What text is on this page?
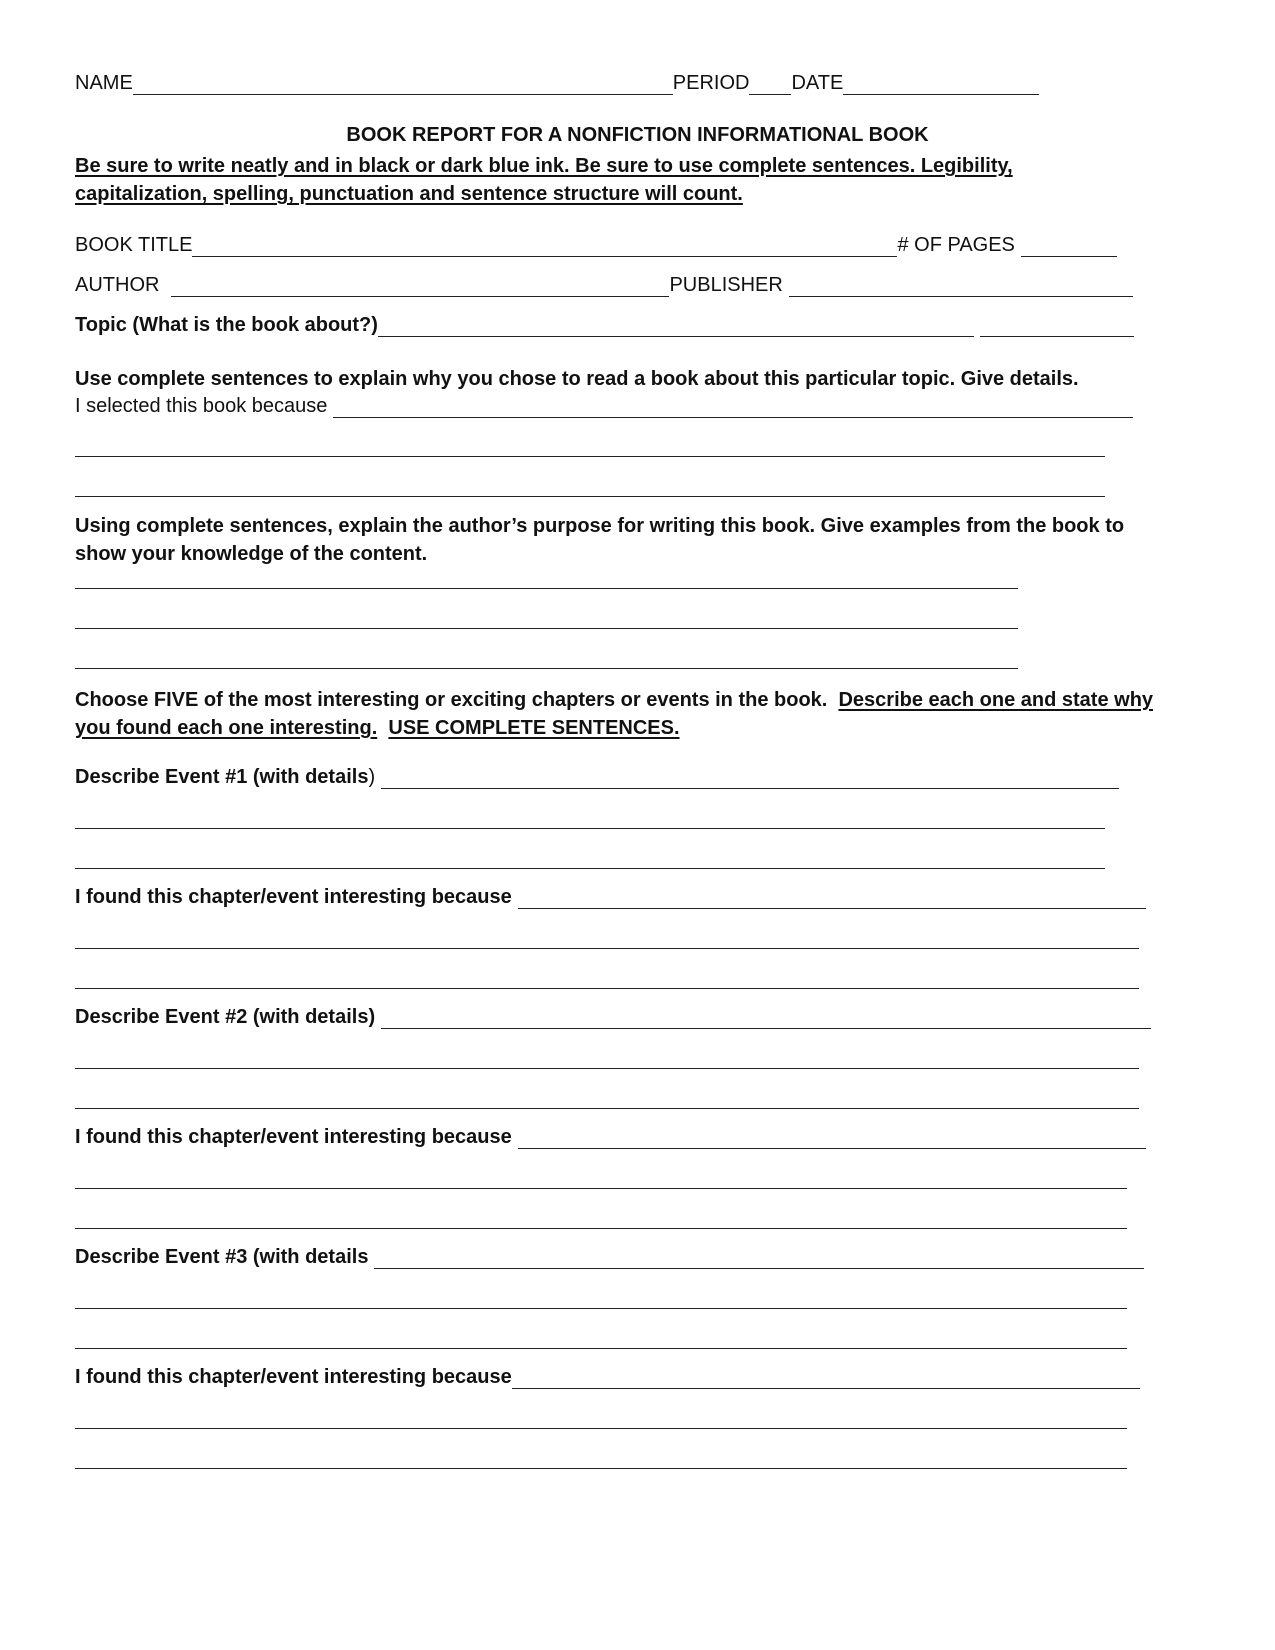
NAME	PERIOD DATE
BOOK REPORT FOR A NONFICTION INFORMATIONAL BOOK
Be sure to write neatly and in black or dark blue ink. Be sure to use complete sentences. Legibility, capitalization, spelling, punctuation and sentence structure will count.
BOOK TITLE	# OF PAGES
AUTHOR	PUBLISHER
Topic (What is the book about?)
Use complete sentences to explain why you chose to read a book about this particular topic. Give details.
I selected this book because
Using complete sentences, explain the author’s purpose for writing this book. Give examples from the book to show your knowledge of the content.
Choose FIVE of the most interesting or exciting chapters or events in the book. Describe each one and state why you found each one interesting. USE COMPLETE SENTENCES.
Describe Event #1 (with details )
I found this chapter/event interesting because
Describe Event #2 (with details)
I found this chapter/event interesting because
Describe Event #3 (with details
I found this chapter/event interesting because
